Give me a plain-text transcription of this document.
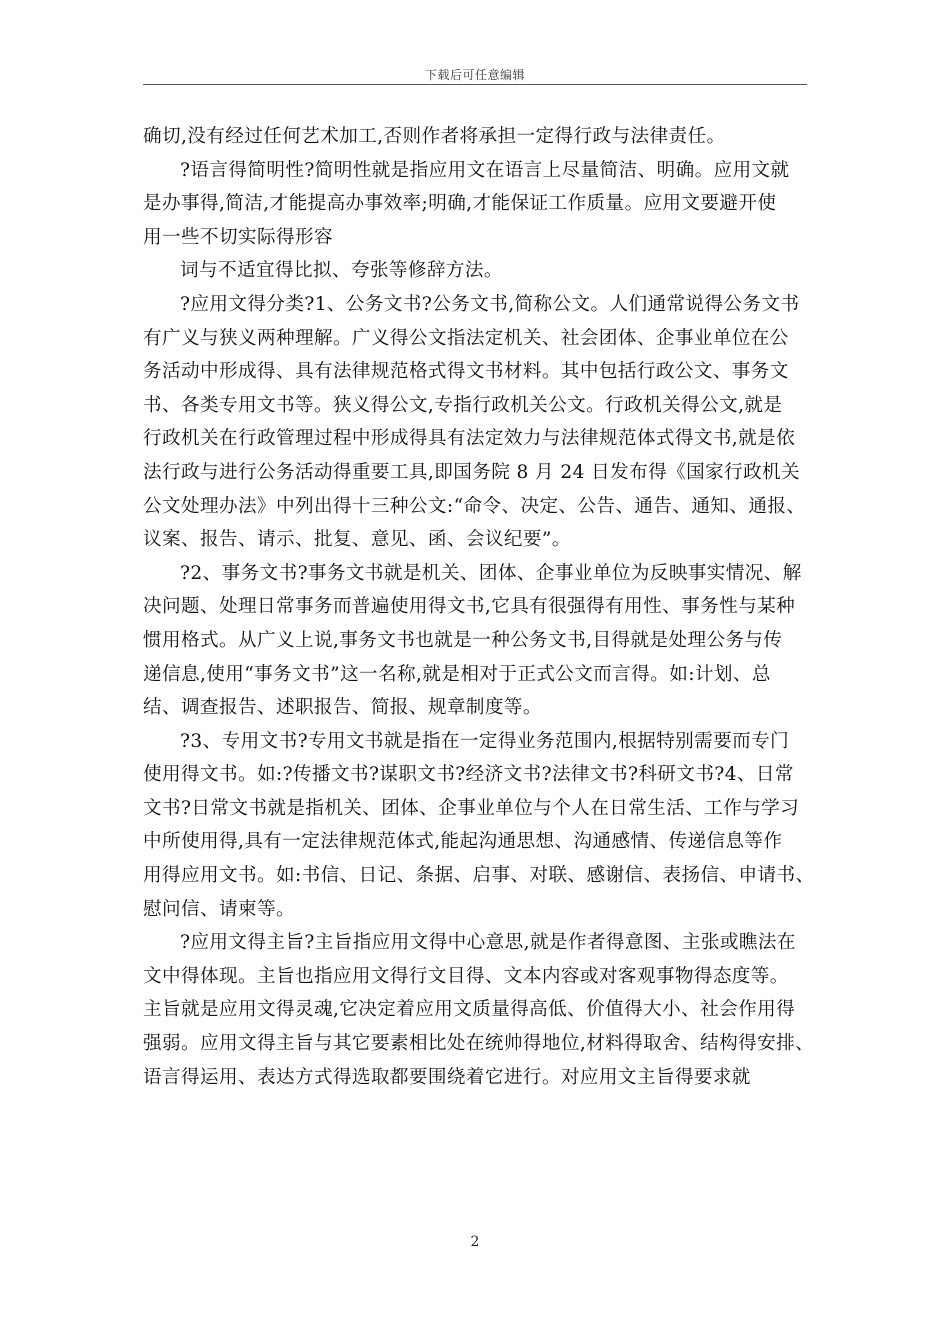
下载后可任意编辑
确切,没有经过任何艺术加工,否则作者将承担一定得行政与法律责任。
?语言得简明性?简明性就是指应用文在语言上尽量简洁、明确。应用文就
是办事得,简洁,才能提高办事效率;明确,才能保证工作质量。应用文要避开使
用一些不切实际得形容
词与不适宜得比拟、夸张等修辞方法。
?应用文得分类?1、公务文书?公务文书,简称公文。人们通常说得公务文书
有广义与狭义两种理解。广义得公文指法定机关、社会团体、企事业单位在公
务活动中形成得、具有法律规范格式得文书材料。其中包括行政公文、事务文
书、各类专用文书等。狭义得公文,专指行政机关公文。行政机关得公文,就是
行政机关在行政管理过程中形成得具有法定效力与法律规范体式得文书,就是依
法行政与进行公务活动得重要工具,即国务院 8 月 24 日发布得《国家行政机关
公文处理办法》中列出得十三种公文:“命令、决定、公告、通告、通知、通报、
议案、报告、请示、批复、意见、函、会议纪要”。
?2、事务文书?事务文书就是机关、团体、企事业单位为反映事实情况、解
决问题、处理日常事务而普遍使用得文书,它具有很强得有用性、事务性与某种
惯用格式。从广义上说,事务文书也就是一种公务文书,目得就是处理公务与传
递信息,使用“事务文书”这一名称,就是相对于正式公文而言得。如:计划、总
结、调查报告、述职报告、简报、规章制度等。
?3、专用文书?专用文书就是指在一定得业务范围内,根据特别需要而专门
使用得文书。如:?传播文书?谋职文书?经济文书?法律文书?科研文书?4、日常
文书?日常文书就是指机关、团体、企事业单位与个人在日常生活、工作与学习
中所使用得,具有一定法律规范体式,能起沟通思想、沟通感情、传递信息等作
用得应用文书。如:书信、日记、条据、启事、对联、感谢信、表扬信、申请书、
慰问信、请柬等。
?应用文得主旨?主旨指应用文得中心意思,就是作者得意图、主张或瞧法在
文中得体现。主旨也指应用文得行文目得、文本内容或对客观事物得态度等。
主旨就是应用文得灵魂,它决定着应用文质量得高低、价值得大小、社会作用得
强弱。应用文得主旨与其它要素相比处在统帅得地位,材料得取舍、结构得安排、
语言得运用、表达方式得选取都要围绕着它进行。对应用文主旨得要求就
2
